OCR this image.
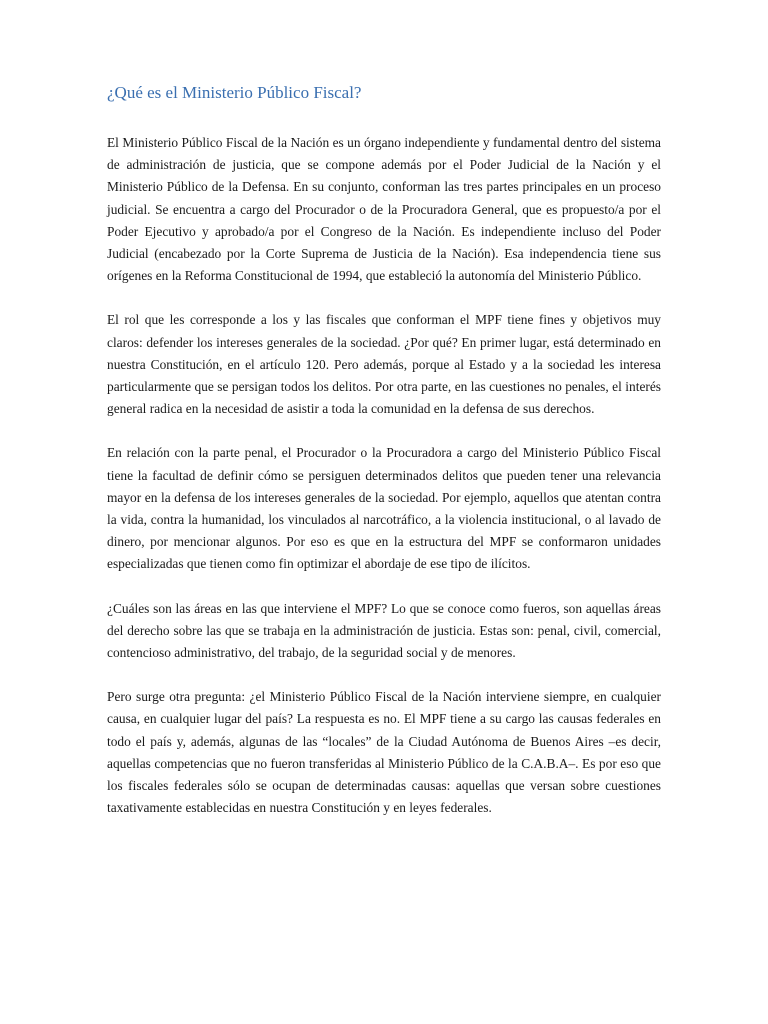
¿Qué es el Ministerio Público Fiscal?

El Ministerio Público Fiscal de la Nación es un órgano independiente y fundamental dentro del sistema de administración de justicia, que se compone además por el Poder Judicial de la Nación y el Ministerio Público de la Defensa. En su conjunto, conforman las tres partes principales en un proceso judicial. Se encuentra a cargo del Procurador o de la Procuradora General, que es propuesto/a por el Poder Ejecutivo y aprobado/a por el Congreso de la Nación. Es independiente incluso del Poder Judicial (encabezado por la Corte Suprema de Justicia de la Nación). Esa independencia tiene sus orígenes en la Reforma Constitucional de 1994, que estableció la autonomía del Ministerio Público.

El rol que les corresponde a los y las fiscales que conforman el MPF tiene fines y objetivos muy claros: defender los intereses generales de la sociedad. ¿Por qué? En primer lugar, está determinado en nuestra Constitución, en el artículo 120. Pero además, porque al Estado y a la sociedad les interesa particularmente que se persigan todos los delitos. Por otra parte, en las cuestiones no penales, el interés general radica en la necesidad de asistir a toda la comunidad en la defensa de sus derechos.

En relación con la parte penal, el Procurador o la Procuradora a cargo del Ministerio Público Fiscal tiene la facultad de definir cómo se persiguen determinados delitos que pueden tener una relevancia mayor en la defensa de los intereses generales de la sociedad. Por ejemplo, aquellos que atentan contra la vida, contra la humanidad, los vinculados al narcotráfico, a la violencia institucional, o al lavado de dinero, por mencionar algunos. Por eso es que en la estructura del MPF se conformaron unidades especializadas que tienen como fin optimizar el abordaje de ese tipo de ilícitos.

¿Cuáles son las áreas en las que interviene el MPF? Lo que se conoce como fueros, son aquellas áreas del derecho sobre las que se trabaja en la administración de justicia. Estas son: penal, civil, comercial, contencioso administrativo, del trabajo, de la seguridad social y de menores.

Pero surge otra pregunta: ¿el Ministerio Público Fiscal de la Nación interviene siempre, en cualquier causa, en cualquier lugar del país? La respuesta es no. El MPF tiene a su cargo las causas federales en todo el país y, además, algunas de las “locales” de la Ciudad Autónoma de Buenos Aires –es decir, aquellas competencias que no fueron transferidas al Ministerio Público de la C.A.B.A–. Es por eso que los fiscales federales sólo se ocupan de determinadas causas: aquellas que versan sobre cuestiones taxativamente establecidas en nuestra Constitución y en leyes federales.
